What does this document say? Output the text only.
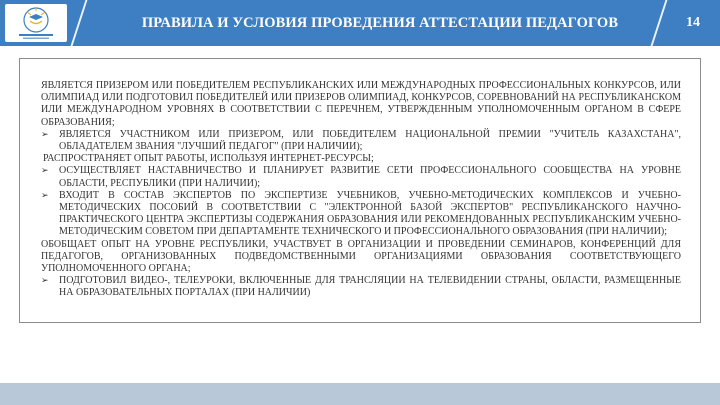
ПРАВИЛА И УСЛОВИЯ ПРОВЕДЕНИЯ АТТЕСТАЦИИ ПЕДАГОГОВ	14

ЯВЛЯЕТСЯ ПРИЗЕРОМ ИЛИ ПОБЕДИТЕЛЕМ РЕСПУБЛИКАНСКИХ ИЛИ МЕЖДУНАРОДНЫХ ПРОФЕССИОНАЛЬНЫХ КОНКУРСОВ, ИЛИ ОЛИМПИАД ИЛИ ПОДГОТОВИЛ ПОБЕДИТЕЛЕЙ ИЛИ ПРИЗЕРОВ ОЛИМПИАД, КОНКУРСОВ, СОРЕВНОВАНИЙ НА РЕСПУБЛИКАНСКОМ ИЛИ МЕЖДУНАРОДНОМ УРОВНЯХ В СООТВЕТСТВИИ С ПЕРЕЧНЕМ, УТВЕРЖДЕННЫМ УПОЛНОМОЧЕННЫМ ОРГАНОМ В СФЕРЕ ОБРАЗОВАНИЯ;

➢ ЯВЛЯЕТСЯ УЧАСТНИКОМ ИЛИ ПРИЗЕРОМ, ИЛИ ПОБЕДИТЕЛЕМ НАЦИОНАЛЬНОЙ ПРЕМИИ "УЧИТЕЛЬ КАЗАХСТАНА", ОБЛАДАТЕЛЕМ ЗВАНИЯ "ЛУЧШИЙ ПЕДАГОГ" (ПРИ НАЛИЧИИ);

РАСПРОСТРАНЯЕТ ОПЫТ РАБОТЫ, ИСПОЛЬЗУЯ ИНТЕРНЕТ-РЕСУРСЫ;

➢ ОСУЩЕСТВЛЯЕТ НАСТАВНИЧЕСТВО И ПЛАНИРУЕТ РАЗВИТИЕ СЕТИ ПРОФЕССИОНАЛЬНОГО СООБЩЕСТВА НА УРОВНЕ ОБЛАСТИ, РЕСПУБЛИКИ (ПРИ НАЛИЧИИ);
➢ ВХОДИТ В СОСТАВ ЭКСПЕРТОВ ПО ЭКСПЕРТИЗЕ УЧЕБНИКОВ, УЧЕБНО-МЕТОДИЧЕСКИХ КОМПЛЕКСОВ И УЧЕБНО-МЕТОДИЧЕСКИХ ПОСОБИЙ В СООТВЕТСТВИИ С "ЭЛЕКТРОННОЙ БАЗОЙ ЭКСПЕРТОВ" РЕСПУБЛИКАНСКОГО НАУЧНО-ПРАКТИЧЕСКОГО ЦЕНТРА ЭКСПЕРТИЗЫ СОДЕРЖАНИЯ ОБРАЗОВАНИЯ ИЛИ РЕКОМЕНДОВАННЫХ РЕСПУБЛИКАНСКИМ УЧЕБНО-МЕТОДИЧЕСКИМ СОВЕТОМ ПРИ ДЕПАРТАМЕНТЕ ТЕХНИЧЕСКОГО И ПРОФЕССИОНАЛЬНОГО ОБРАЗОВАНИЯ (ПРИ НАЛИЧИИ);

ОБОБЩАЕТ ОПЫТ НА УРОВНЕ РЕСПУБЛИКИ, УЧАСТВУЕТ В ОРГАНИЗАЦИИ И ПРОВЕДЕНИИ СЕМИНАРОВ, КОНФЕРЕНЦИЙ ДЛЯ ПЕДАГОГОВ, ОРГАНИЗОВАННЫХ ПОДВЕДОМСТВЕННЫМИ ОРГАНИЗАЦИЯМИ ОБРАЗОВАНИЯ СООТВЕТСТВУЮЩЕГО УПОЛНОМОЧЕННОГО ОРГАНА;

➢ ПОДГОТОВИЛ ВИДЕО-, ТЕЛЕУРОКИ, ВКЛЮЧЕННЫЕ ДЛЯ ТРАНСЛЯЦИИ НА ТЕЛЕВИДЕНИИ СТРАНЫ, ОБЛАСТИ, РАЗМЕЩЕННЫЕ НА ОБРАЗОВАТЕЛЬНЫХ ПОРТАЛАХ (ПРИ НАЛИЧИИ)
